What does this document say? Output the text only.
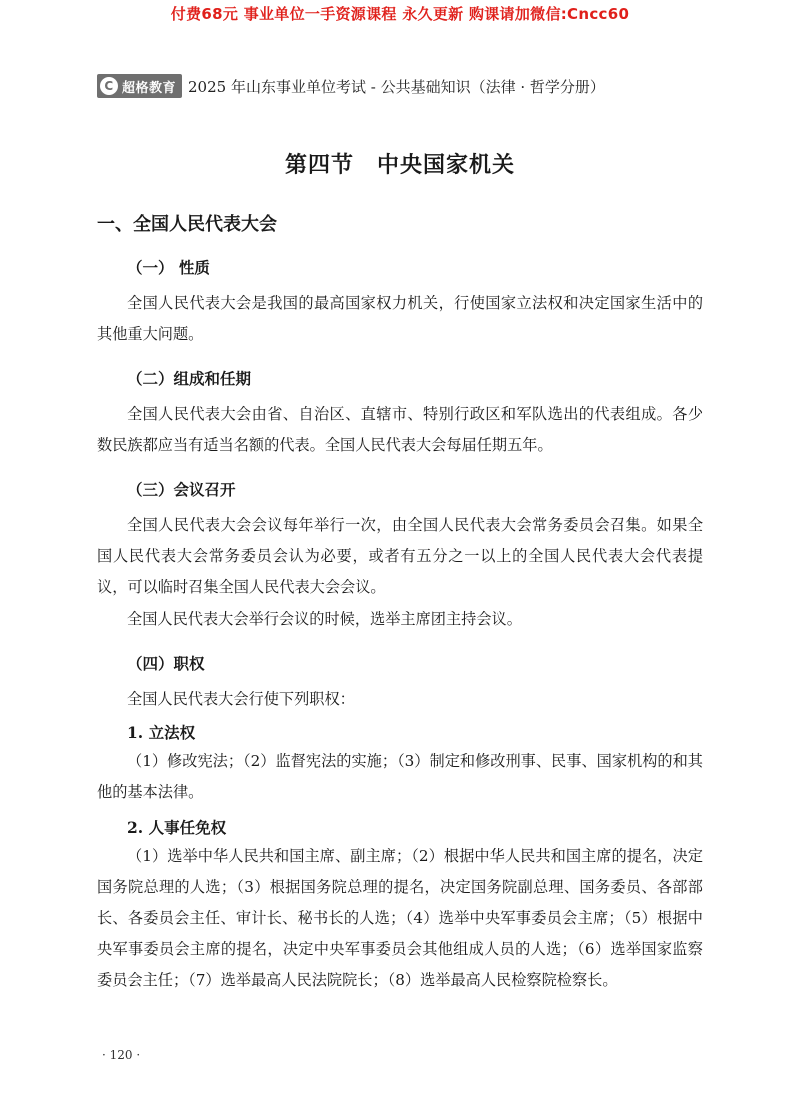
付费68元 事业单位一手资源课程 永久更新 购课请加微信:Cncc60
C 超格教育 2025 年山东事业单位考试 - 公共基础知识（法律 · 哲学分册）
第四节　中央国家机关
一、全国人民代表大会
（一） 性质

全国人民代表大会是我国的最高国家权力机关，行使国家立法权和决定国家生活中的其他重大问题。

（二）组成和任期

全国人民代表大会由省、自治区、直辖市、特别行政区和军队选出的代表组成。各少数民族都应当有适当名额的代表。全国人民代表大会每届任期五年。

（三）会议召开

全国人民代表大会会议每年举行一次，由全国人民代表大会常务委员会召集。如果全国人民代表大会常务委员会认为必要，或者有五分之一以上的全国人民代表大会代表提议，可以临时召集全国人民代表大会会议。

全国人民代表大会举行会议的时候，选举主席团主持会议。

（四）职权

全国人民代表大会行使下列职权：

1. 立法权

（1）修改宪法；（2）监督宪法的实施；（3）制定和修改刑事、民事、国家机构的和其他的基本法律。

2. 人事任免权

（1）选举中华人民共和国主席、副主席；（2）根据中华人民共和国主席的提名，决定国务院总理的人选；（3）根据国务院总理的提名，决定国务院副总理、国务委员、各部部长、各委员会主任、审计长、秘书长的人选；（4）选举中央军事委员会主席；（5）根据中央军事委员会主席的提名，决定中央军事委员会其他组成人员的人选；（6）选举国家监察委员会主任；（7）选举最高人民法院院长；（8）选举最高人民检察院检察长。

· 120 ·
